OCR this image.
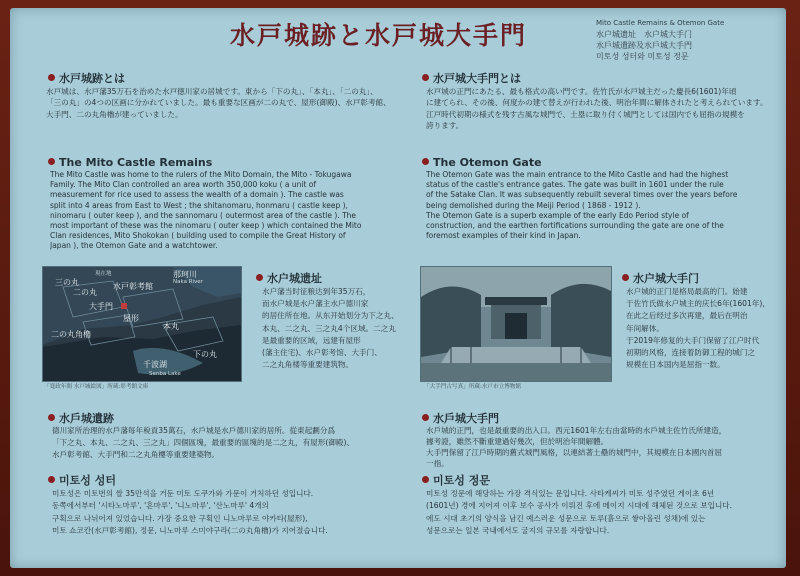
水戸城跡と水戸城大手門	Mito Castle Remains & Otemon Gate
水户城遗址　水户城大手门
水戶城遺跡及水戶城大手門
미토성 성터와 미토성 정문
水戸城跡とは
水戸城は、水戸藩35万石を治めた水戸徳川家の居城です。東から「下の丸」、「本丸」、「二の丸」、
「三の丸」の4つの区画に分かれていました。最も重要な区画が二の丸で、屋形(御殿)、水戸彰考館、
大手門、二の丸角櫓が建っていました。
The Mito Castle Remains
The Mito Castle was home to the rulers of the Mito Domain, the Mito - Tokugawa
Family. The Mito Clan controlled an area worth 350,000 koku ( a unit of
measurement for rice used to assess the wealth of a domain ). The castle was
split into 4 areas from East to West ; the shitanomaru, honmaru ( castle keep ),
ninomaru ( outer keep ), and the sannomaru ( outermost area of the castle ). The
most important of these was the ninomaru ( outer keep ) which contained the Mito
Clan residences, Mito Shokokan ( building used to compile the Great History of
Japan ), the Otemon Gate and a watchtower.
水戸城大手門とは
水戸城の正門にあたる、最も格式の高い門です。佐竹氏が水戸城主だった慶長6(1601)年頃
に建てられ、その後、何度かの建て替えが行われた後、明治年間に解体されたと考えられています。
江戸時代初期の様式を残す古風な城門で、土塁に取り付く城門としては国内でも屈指の規模を
誇ります。
The Otemon Gate
The Otemon Gate was the main entrance to the Mito Castle and had the highest
status of the castle's entrance gates. The gate was built in 1601 under the rule
of the Satake Clan. It was subsequently rebuilt several times over the years before
being demolished during the Meiji Period ( 1868 - 1912 ).
The Otemon Gate is a superb example of the early Edo Period style of
construction, and the earthen fortifications surrounding the gate are one of the
foremost examples of their kind in Japan.
三の丸
二の丸
水戸彰考館
那珂川
Naka River
大手門
屋形
本丸
二の丸角櫓
下の丸
千波湖
Senba Lake
現在地
「寛政年間 水戸城絵図」所蔵:彰考館文庫
水户城遗址
水户藩当时征粮达到年35万石，
而水户城是水户藩主水户德川家
的居住所在地。从东开始划分为下之丸、
本丸、二之丸、三之丸4个区域。二之丸
是最重要的区域，远建有屋形
(藩主住宅)、水户彰考馆、大手门、
二之丸角楼等重要建筑物。
「大手門古写真」所蔵:水戸市立博物館
水户城大手门
水户城的正门是格局最高的门。始建
于佐竹氏做水户城主的庆长6年(1601年)，
在此之后经过多次再建，最后在明治
年间解体。
于2019年修复的大手门保留了江户时代
初期的风格，连接着防御工程的城门之
规模在日本国内是屈指一数。
水戶城遺跡
德川家所治理的水戶藩每年稅貢35萬石，水戶城是水戶德川家的居所。從東起劃分爲
「下之丸、本丸、二之丸、三之丸」四個區塊，最重要的區塊的是二之丸，有屋形(御殿)、
水戶彰考館、大手門和二之丸角樓等重要建築物。
水戶城大手門
水戶城的正門，也是最重要的出入口。西元1601年左右由當時的水戶城主佐竹氏所建造，
據考證，雖然不斷重建過好幾次，但於明治年間解體。
大手門保留了江戶時期的舊式城門風格，以連結著土壘的城門中，其規模在日本國內首屈
一指。
미토성 성터
미토성은 미토번의 쌀 35만석을 거둔 미토 도쿠가와 가문이 거처하던 성입니다.
동쪽에서부터 '시타노마루', '혼마루', '니노마루', '산노마루' 4개의
구획으로 나뉘어져 있었습니다. 가장 중요한 구획인 니노마루로 야카타(屋形),
미토 쇼코칸(水戸彰考館), 정문, 니노마루 스미야구라(二の丸角櫓)가 지어졌습니다.
미토성 정문
미토성 정문에 해당하는 가장 격식있는 문입니다. 사타케씨가 미토 성주였던 게이초 6년
(1601년) 경에 지어져 이후 보수 공사가 이뤄진 후에 메이지 시대에 해체된 것으로 보입니다.
에도 시대 초기의 양식을 남긴 예스러운 성문으로 토루(흙으로 쌓아올린 성채)에 있는
성문으로는 일본 국내에서도 굴지의 규모를 자랑합니다.
